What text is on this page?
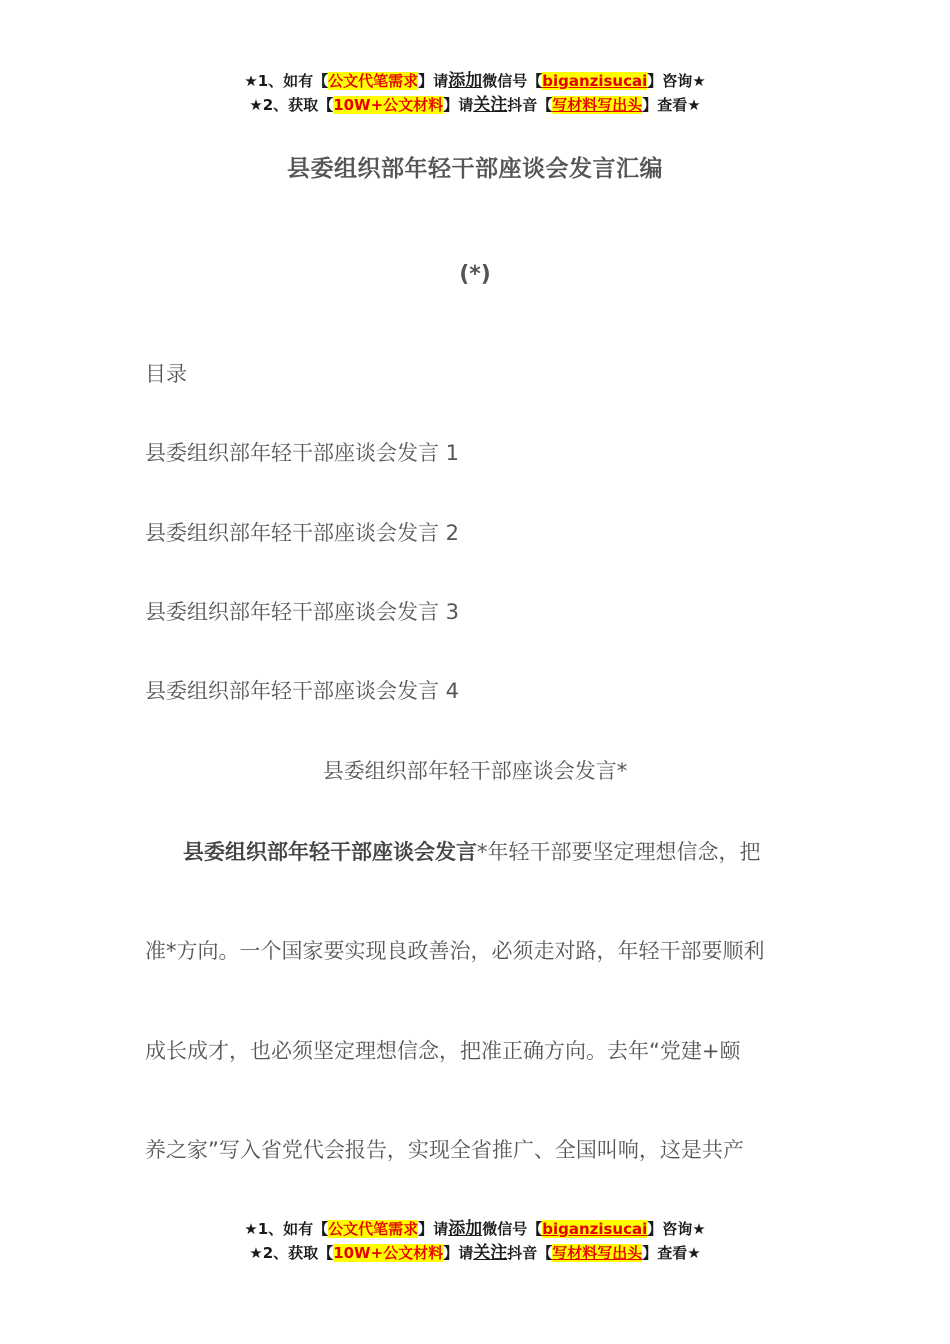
★1、如有【公文代笔需求】请添加微信号【biganzisucai】咨询★
★2、获取【10W+公文材料】请关注抖音【写材料写出头】查看★
县委组织部年轻干部座谈会发言汇编
(*)
目录
县委组织部年轻干部座谈会发言 1
县委组织部年轻干部座谈会发言 2
县委组织部年轻干部座谈会发言 3
县委组织部年轻干部座谈会发言 4
县委组织部年轻干部座谈会发言*
县委组织部年轻干部座谈会发言*年轻干部要坚定理想信念，把
准*方向。一个国家要实现良政善治，必须走对路，年轻干部要顺利
成长成才，也必须坚定理想信念，把准正确方向。去年“党建+颐
养之家”写入省党代会报告，实现全省推广、全国叫响，这是共产
★1、如有【公文代笔需求】请添加微信号【biganzisucai】咨询★
★2、获取【10W+公文材料】请关注抖音【写材料写出头】查看★
